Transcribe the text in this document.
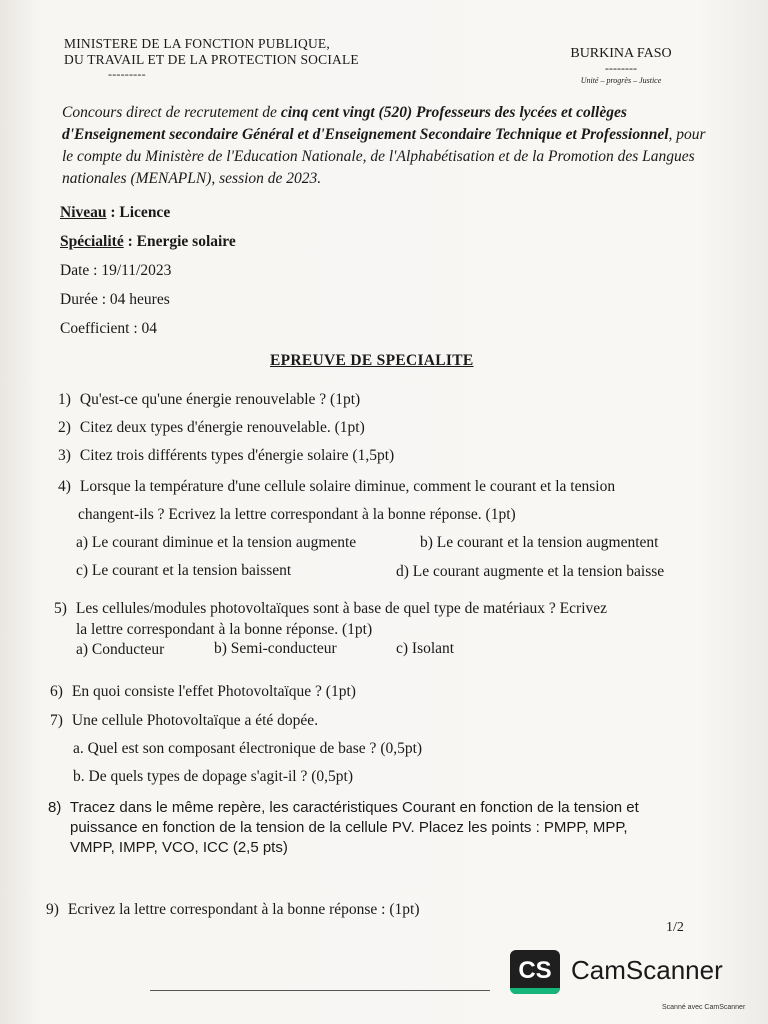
MINISTERE DE LA FONCTION PUBLIQUE,
DU TRAVAIL ET DE LA PROTECTION SOCIALE
---------
BURKINA FASO
--------
Unité – progrès – Justice
Concours direct de recrutement de cinq cent vingt (520) Professeurs des lycées et collèges d'Enseignement secondaire Général et d'Enseignement Secondaire Technique et Professionnel, pour le compte du Ministère de l'Education Nationale, de l'Alphabétisation et de la Promotion des Langues nationales (MENAPLN), session de 2023.
Niveau : Licence
Spécialité : Energie solaire
Date : 19/11/2023
Durée : 04 heures
Coefficient : 04
EPREUVE DE SPECIALITE
1) Qu'est-ce qu'une énergie renouvelable ? (1pt)
2) Citez deux types d'énergie renouvelable. (1pt)
3) Citez trois différents types d'énergie solaire (1,5pt)
4) Lorsque la température d'une cellule solaire diminue, comment le courant et la tension
changent-ils ? Ecrivez la lettre correspondant à la bonne réponse. (1pt)
a) Le courant diminue et la tension augmente	b) Le courant et la tension augmentent
c) Le courant et la tension baissent	d) Le courant augmente et la tension baisse
5) Les cellules/modules photovoltaïques sont à base de quel type de matériaux ? Ecrivez
la lettre correspondant à la bonne réponse. (1pt)
a) Conducteur	b) Semi-conducteur	c) Isolant
6) En quoi consiste l'effet Photovoltaïque ? (1pt)
7) Une cellule Photovoltaïque a été dopée.
a. Quel est son composant électronique de base ? (0,5pt)
b. De quels types de dopage s'agit-il ? (0,5pt)
8) Tracez dans le même repère, les caractéristiques Courant en fonction de la tension et
puissance en fonction de la tension de la cellule PV. Placez les points : PMPP, MPP,
VMPP, IMPP, VCO, ICC (2,5 pts)
9) Ecrivez la lettre correspondant à la bonne réponse : (1pt)
1/2
CS CamScanner
Scanné avec CamScanner
